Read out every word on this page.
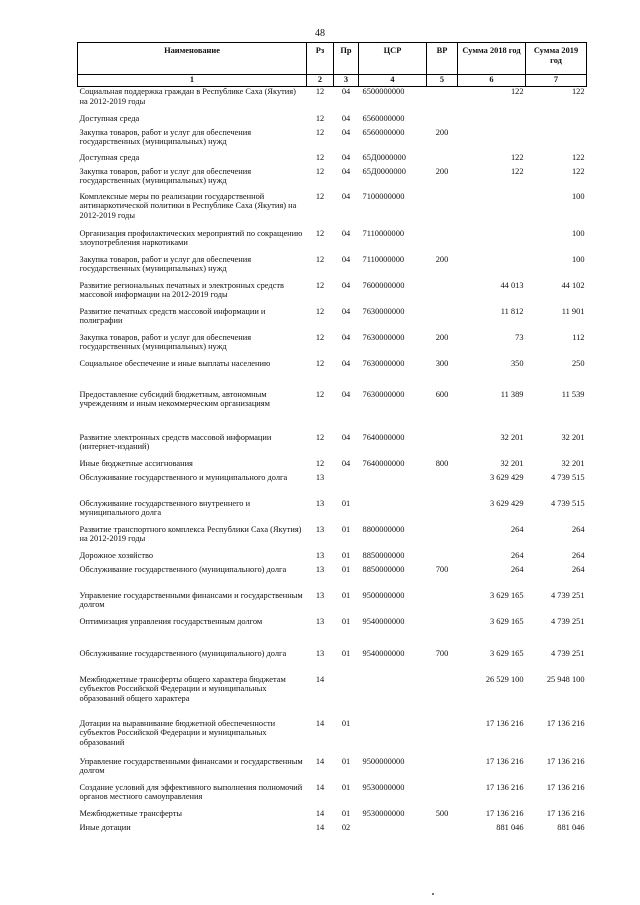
48
Наименование	Рз	Пр	ЦСР	ВР	Сумма 2018 год	Сумма 2019 год
1	2	3	4	5	6	7
Социальная поддержка граждан в Республике Саха (Якутия) на 2012-2019 годы	12	04	6500000000		122	122
Доступная среда	12	04	6560000000			
Закупка товаров, работ и услуг для обеспечения государственных (муниципальных) нужд	12	04	6560000000	200		
Доступная среда	12	04	65Д0000000		122	122
Закупка товаров, работ и услуг для обеспечения государственных (муниципальных) нужд	12	04	65Д0000000	200	122	122
Комплексные меры по реализации государственной антинаркотической политики в Республике Саха (Якутия) на 2012-2019 годы	12	04	7100000000			100
Организация профилактических мероприятий по сокращению злоупотребления наркотиками	12	04	7110000000			100
Закупка товаров, работ и услуг для обеспечения государственных (муниципальных) нужд	12	04	7110000000	200		100
Развитие региональных печатных и электронных средств массовой информации на 2012-2019 годы	12	04	7600000000		44 013	44 102
Развитие печатных средств массовой информации и полиграфии	12	04	7630000000		11 812	11 901
Закупка товаров, работ и услуг для обеспечения государственных (муниципальных) нужд	12	04	7630000000	200	73	112
Социальное обеспечение и иные выплаты населению	12	04	7630000000	300	350	250
Предоставление субсидий бюджетным, автономным учреждениям и иным некоммерческим организациям	12	04	7630000000	600	11 389	11 539
Развитие электронных средств массовой информации (интернет-изданий)	12	04	7640000000		32 201	32 201
Иные бюджетные ассигнования	12	04	7640000000	800	32 201	32 201
Обслуживание государственного и муниципального долга	13				3 629 429	4 739 515
Обслуживание государственного внутреннего и муниципального долга	13	01			3 629 429	4 739 515
Развитие транспортного комплекса Республики Саха (Якутия) на 2012-2019 годы	13	01	8800000000		264	264
Дорожное хозяйство	13	01	8850000000		264	264
Обслуживание государственного (муниципального) долга	13	01	8850000000	700	264	264
Управление государственными финансами и государственным долгом	13	01	9500000000		3 629 165	4 739 251
Оптимизация управления государственным долгом	13	01	9540000000		3 629 165	4 739 251
Обслуживание государственного (муниципального) долга	13	01	9540000000	700	3 629 165	4 739 251
Межбюджетные трансферты общего характера бюджетам субъектов Российской Федерации и муниципальных образований общего характера	14				26 529 100	25 948 100
Дотации на выравнивание бюджетной обеспеченности субъектов Российской Федерации и муниципальных образований	14	01			17 136 216	17 136 216
Управление государственными финансами и государственным долгом	14	01	9500000000		17 136 216	17 136 216
Создание условий для эффективного выполнения полномочий органов местного самоуправления	14	01	9530000000		17 136 216	17 136 216
Межбюджетные трансферты	14	01	9530000000	500	17 136 216	17 136 216
Иные дотации	14	02			881 046	881 046
